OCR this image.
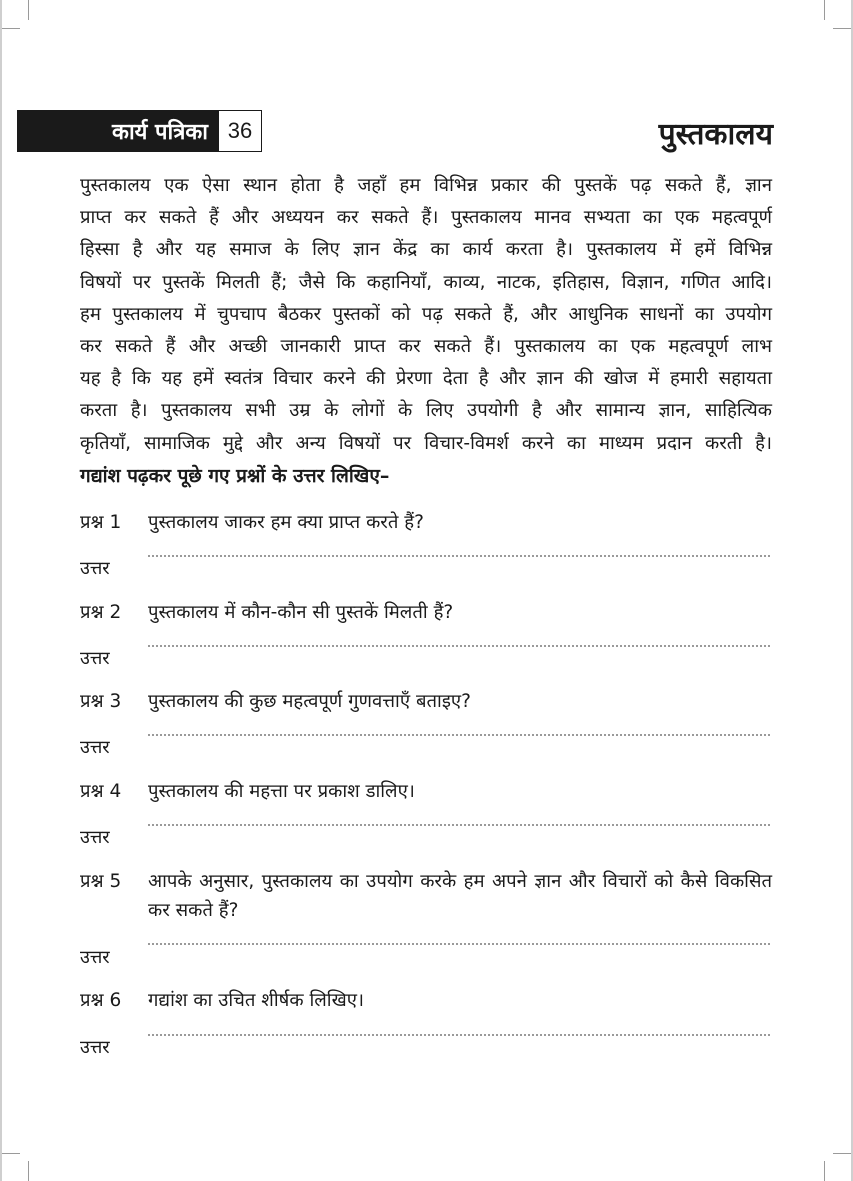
कार्य पत्रिका 36	पुस्तकालय
पुस्तकालय एक ऐसा स्थान होता है जहाँ हम विभिन्न प्रकार की पुस्तकें पढ़ सकते हैं, ज्ञान
प्राप्त कर सकते हैं और अध्ययन कर सकते हैं। पुस्तकालय मानव सभ्यता का एक महत्वपूर्ण
हिस्सा है और यह समाज के लिए ज्ञान केंद्र का कार्य करता है। पुस्तकालय में हमें विभिन्न
विषयों पर पुस्तकें मिलती हैं; जैसे कि कहानियाँ, काव्य, नाटक, इतिहास, विज्ञान, गणित आदि।
हम पुस्तकालय में चुपचाप बैठकर पुस्तकों को पढ़ सकते हैं, और आधुनिक साधनों का उपयोग
कर सकते हैं और अच्छी जानकारी प्राप्त कर सकते हैं। पुस्तकालय का एक महत्वपूर्ण लाभ
यह है कि यह हमें स्वतंत्र विचार करने की प्रेरणा देता है और ज्ञान की खोज में हमारी सहायता
करता है। पुस्तकालय सभी उम्र के लोगों के लिए उपयोगी है और सामान्य ज्ञान, साहित्यिक
कृतियाँ, सामाजिक मुद्दे और अन्य विषयों पर विचार-विमर्श करने का माध्यम प्रदान करती है।
गद्यांश पढ़कर पूछे गए प्रश्नों के उत्तर लिखिए–
प्रश्न 1	पुस्तकालय जाकर हम क्या प्राप्त करते हैं?
उत्तर
प्रश्न 2	पुस्तकालय में कौन-कौन सी पुस्तकें मिलती हैं?
उत्तर
प्रश्न 3	पुस्तकालय की कुछ महत्वपूर्ण गुणवत्ताएँ बताइए?
उत्तर
प्रश्न 4	पुस्तकालय की महत्ता पर प्रकाश डालिए।
उत्तर
प्रश्न 5	आपके अनुसार, पुस्तकालय का उपयोग करके हम अपने ज्ञान और विचारों को कैसे विकसित कर सकते हैं?
उत्तर
प्रश्न 6	गद्यांश का उचित शीर्षक लिखिए।
उत्तर
